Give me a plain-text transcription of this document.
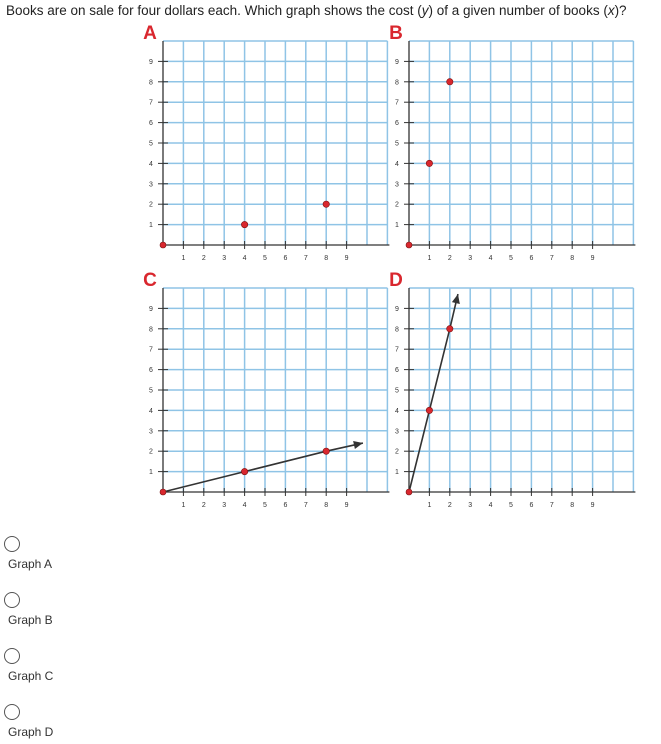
Books are on sale for four dollars each. Which graph shows the cost (y) of a given number of books (x)?
1 2 3 4 5 6 7 8 9
1
2
3
4
5
6
7
8
9
A
1 2 3 4 5 6 7 8 9
1
2
3
4
5
6
7
8
9
B
1 2 3 4 5 6 7 8 9
1
2
3
4
5
6
7
8
9
C
1 2 3 4 5 6 7 8 9
1
2
3
4
5
6
7
8
9
D
Graph A
Graph B
Graph C
Graph D
